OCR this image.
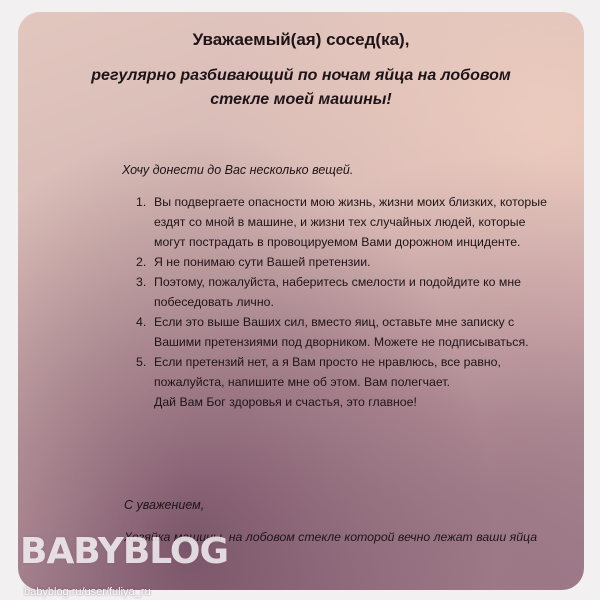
Уважаемый(ая) сосед(ка),
регулярно разбивающий по ночам яйца на лобовом стекле моей машины!
Хочу донести до Вас несколько вещей.
1. Вы подвергаете опасности мою жизнь, жизни моих близких, которые ездят со мной в машине, и жизни тех случайных людей, которые могут пострадать в провоцируемом Вами дорожном инциденте.
2. Я не понимаю сути Вашей претензии.
3. Поэтому, пожалуйста, наберитесь смелости и подойдите ко мне побеседовать лично.
4. Если это выше Ваших сил, вместо яиц, оставьте мне записку с Вашими претензиями под дворником. Можете не подписываться.
5. Если претензий нет, а я Вам просто не нравлюсь, все равно, пожалуйста, напишите мне об этом. Вам полегчает.
Дай Вам Бог здоровья и счастья, это главное!
С уважением,
Хозяйка машины, на лобовом стекле которой вечно лежат ваши яйца
BABYBLOG
babyblog.ru/user/fuliya_ru
